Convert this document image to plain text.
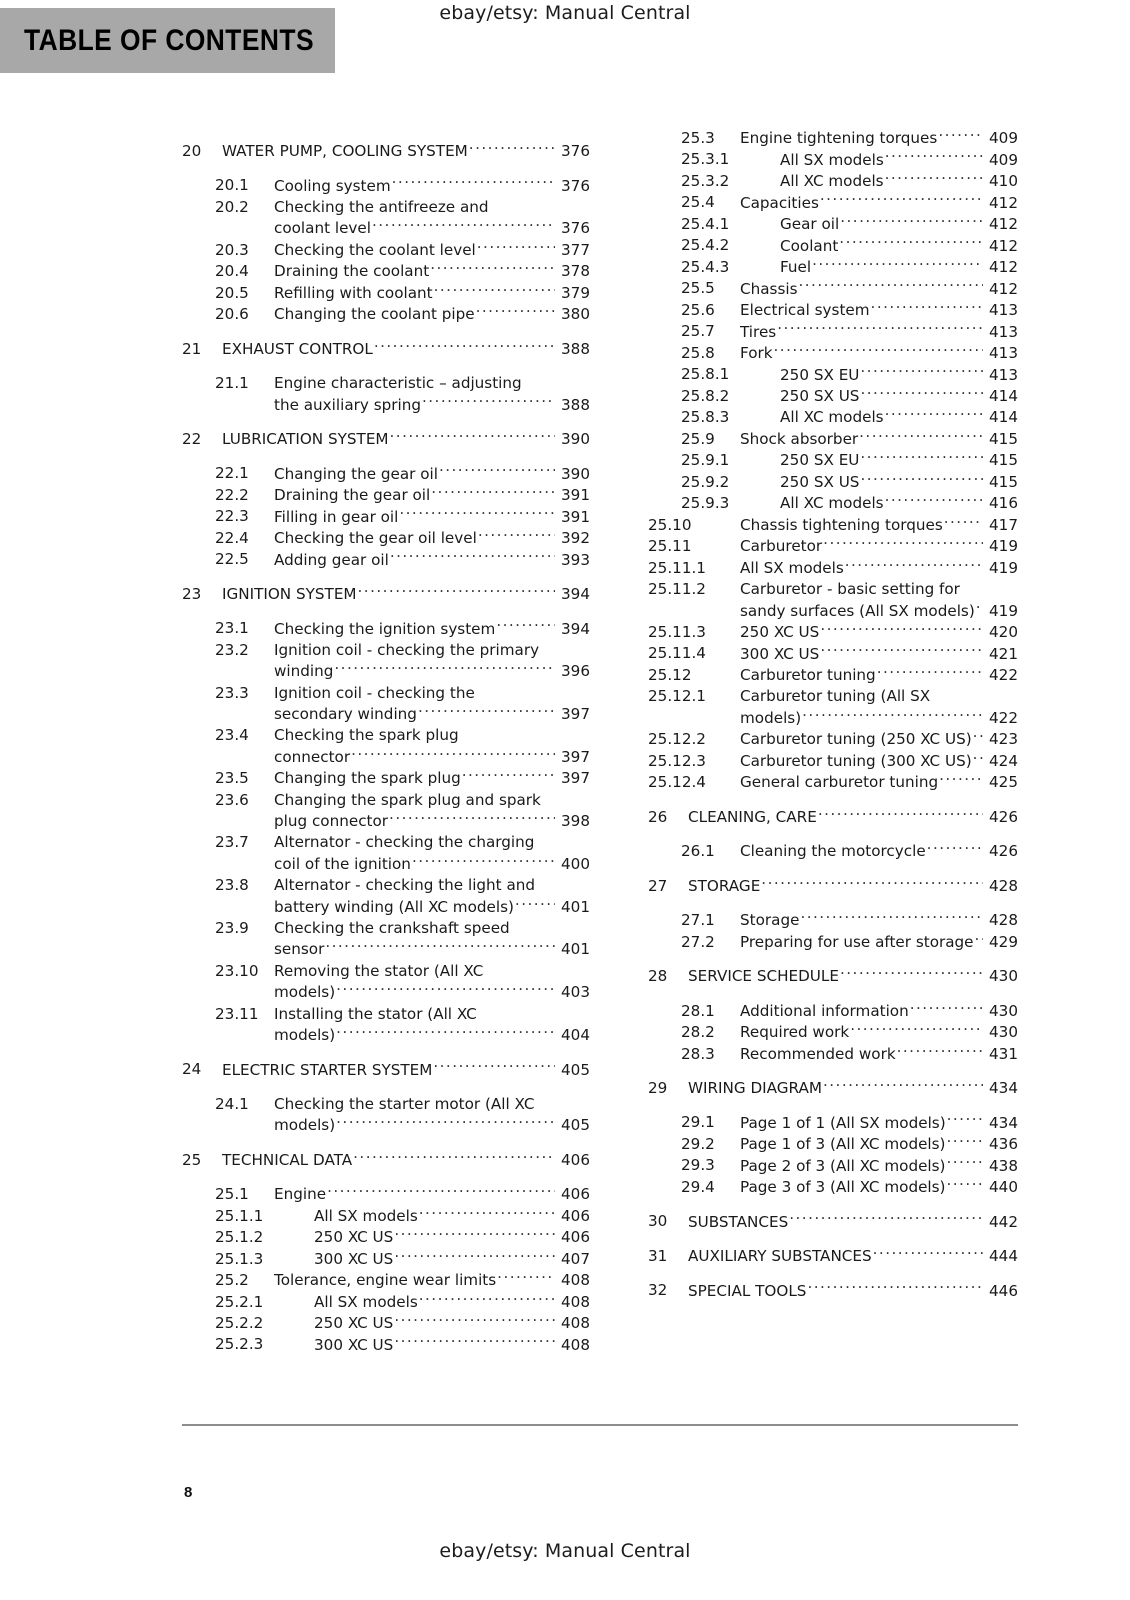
ebay/etsy: Manual Central
TABLE OF CONTENTS
20	WATER PUMP, COOLING SYSTEM .....	376
20.1	Cooling system .....	376
20.2	Checking the antifreeze and
coolant level .....	376
20.3	Checking the coolant level .....	377
20.4	Draining the coolant .....	378
20.5	Refilling with coolant .....	379
20.6	Changing the coolant pipe .....	380
21	EXHAUST CONTROL .....	388
21.1	Engine characteristic – adjusting
the auxiliary spring .....	388
22	LUBRICATION SYSTEM .....	390
22.1	Changing the gear oil .....	390
22.2	Draining the gear oil .....	391
22.3	Filling in gear oil .....	391
22.4	Checking the gear oil level .....	392
22.5	Adding gear oil .....	393
23	IGNITION SYSTEM .....	394
23.1	Checking the ignition system .....	394
23.2	Ignition coil - checking the primary
winding .....	396
23.3	Ignition coil - checking the
secondary winding .....	397
23.4	Checking the spark plug
connector .....	397
23.5	Changing the spark plug .....	397
23.6	Changing the spark plug and spark
plug connector .....	398
23.7	Alternator - checking the charging
coil of the ignition .....	400
23.8	Alternator - checking the light and
battery winding (All XC models) .....	401
23.9	Checking the crankshaft speed
sensor .....	401
23.10	Removing the stator (All XC
models) .....	403
23.11	Installing the stator (All XC
models) .....	404
24	ELECTRIC STARTER SYSTEM .....	405
24.1	Checking the starter motor (All XC
models) .....	405
25	TECHNICAL DATA .....	406
25.1	Engine .....	406
25.1.1	All SX models .....	406
25.1.2	250 XC US .....	406
25.1.3	300 XC US .....	407
25.2	Tolerance, engine wear limits .....	408
25.2.1	All SX models .....	408
25.2.2	250 XC US .....	408
25.2.3	300 XC US .....	408
25.3	Engine tightening torques .....	409
25.3.1	All SX models .....	409
25.3.2	All XC models .....	410
25.4	Capacities .....	412
25.4.1	Gear oil .....	412
25.4.2	Coolant .....	412
25.4.3	Fuel .....	412
25.5	Chassis .....	412
25.6	Electrical system .....	413
25.7	Tires .....	413
25.8	Fork .....	413
25.8.1	250 SX EU .....	413
25.8.2	250 SX US .....	414
25.8.3	All XC models .....	414
25.9	Shock absorber .....	415
25.9.1	250 SX EU .....	415
25.9.2	250 SX US .....	415
25.9.3	All XC models .....	416
25.10	Chassis tightening torques .....	417
25.11	Carburetor .....	419
25.11.1	All SX models .....	419
25.11.2	Carburetor - basic setting for
sandy surfaces (All SX models) ..... 419
25.11.3	250 XC US .....	420
25.11.4	300 XC US .....	421
25.12	Carburetor tuning .....	422
25.12.1	Carburetor tuning (All SX
models) .....	422
25.12.2	Carburetor tuning (250 XC US) ..... 423
25.12.3	Carburetor tuning (300 XC US) ..... 424
25.12.4	General carburetor tuning .....	425
26	CLEANING, CARE .....	426
26.1	Cleaning the motorcycle .....	426
27	STORAGE .....	428
27.1	Storage .....	428
27.2	Preparing for use after storage ..... 429
28	SERVICE SCHEDULE .....	430
28.1	Additional information .....	430
28.2	Required work .....	430
28.3	Recommended work .....	431
29	WIRING DIAGRAM .....	434
29.1	Page 1 of 1 (All SX models) .....	434
29.2	Page 1 of 3 (All XC models) .....	436
29.3	Page 2 of 3 (All XC models) .....	438
29.4	Page 3 of 3 (All XC models) .....	440
30	SUBSTANCES .....	442
31	AUXILIARY SUBSTANCES .....	444
32	SPECIAL TOOLS .....	446
8
ebay/etsy: Manual Central
